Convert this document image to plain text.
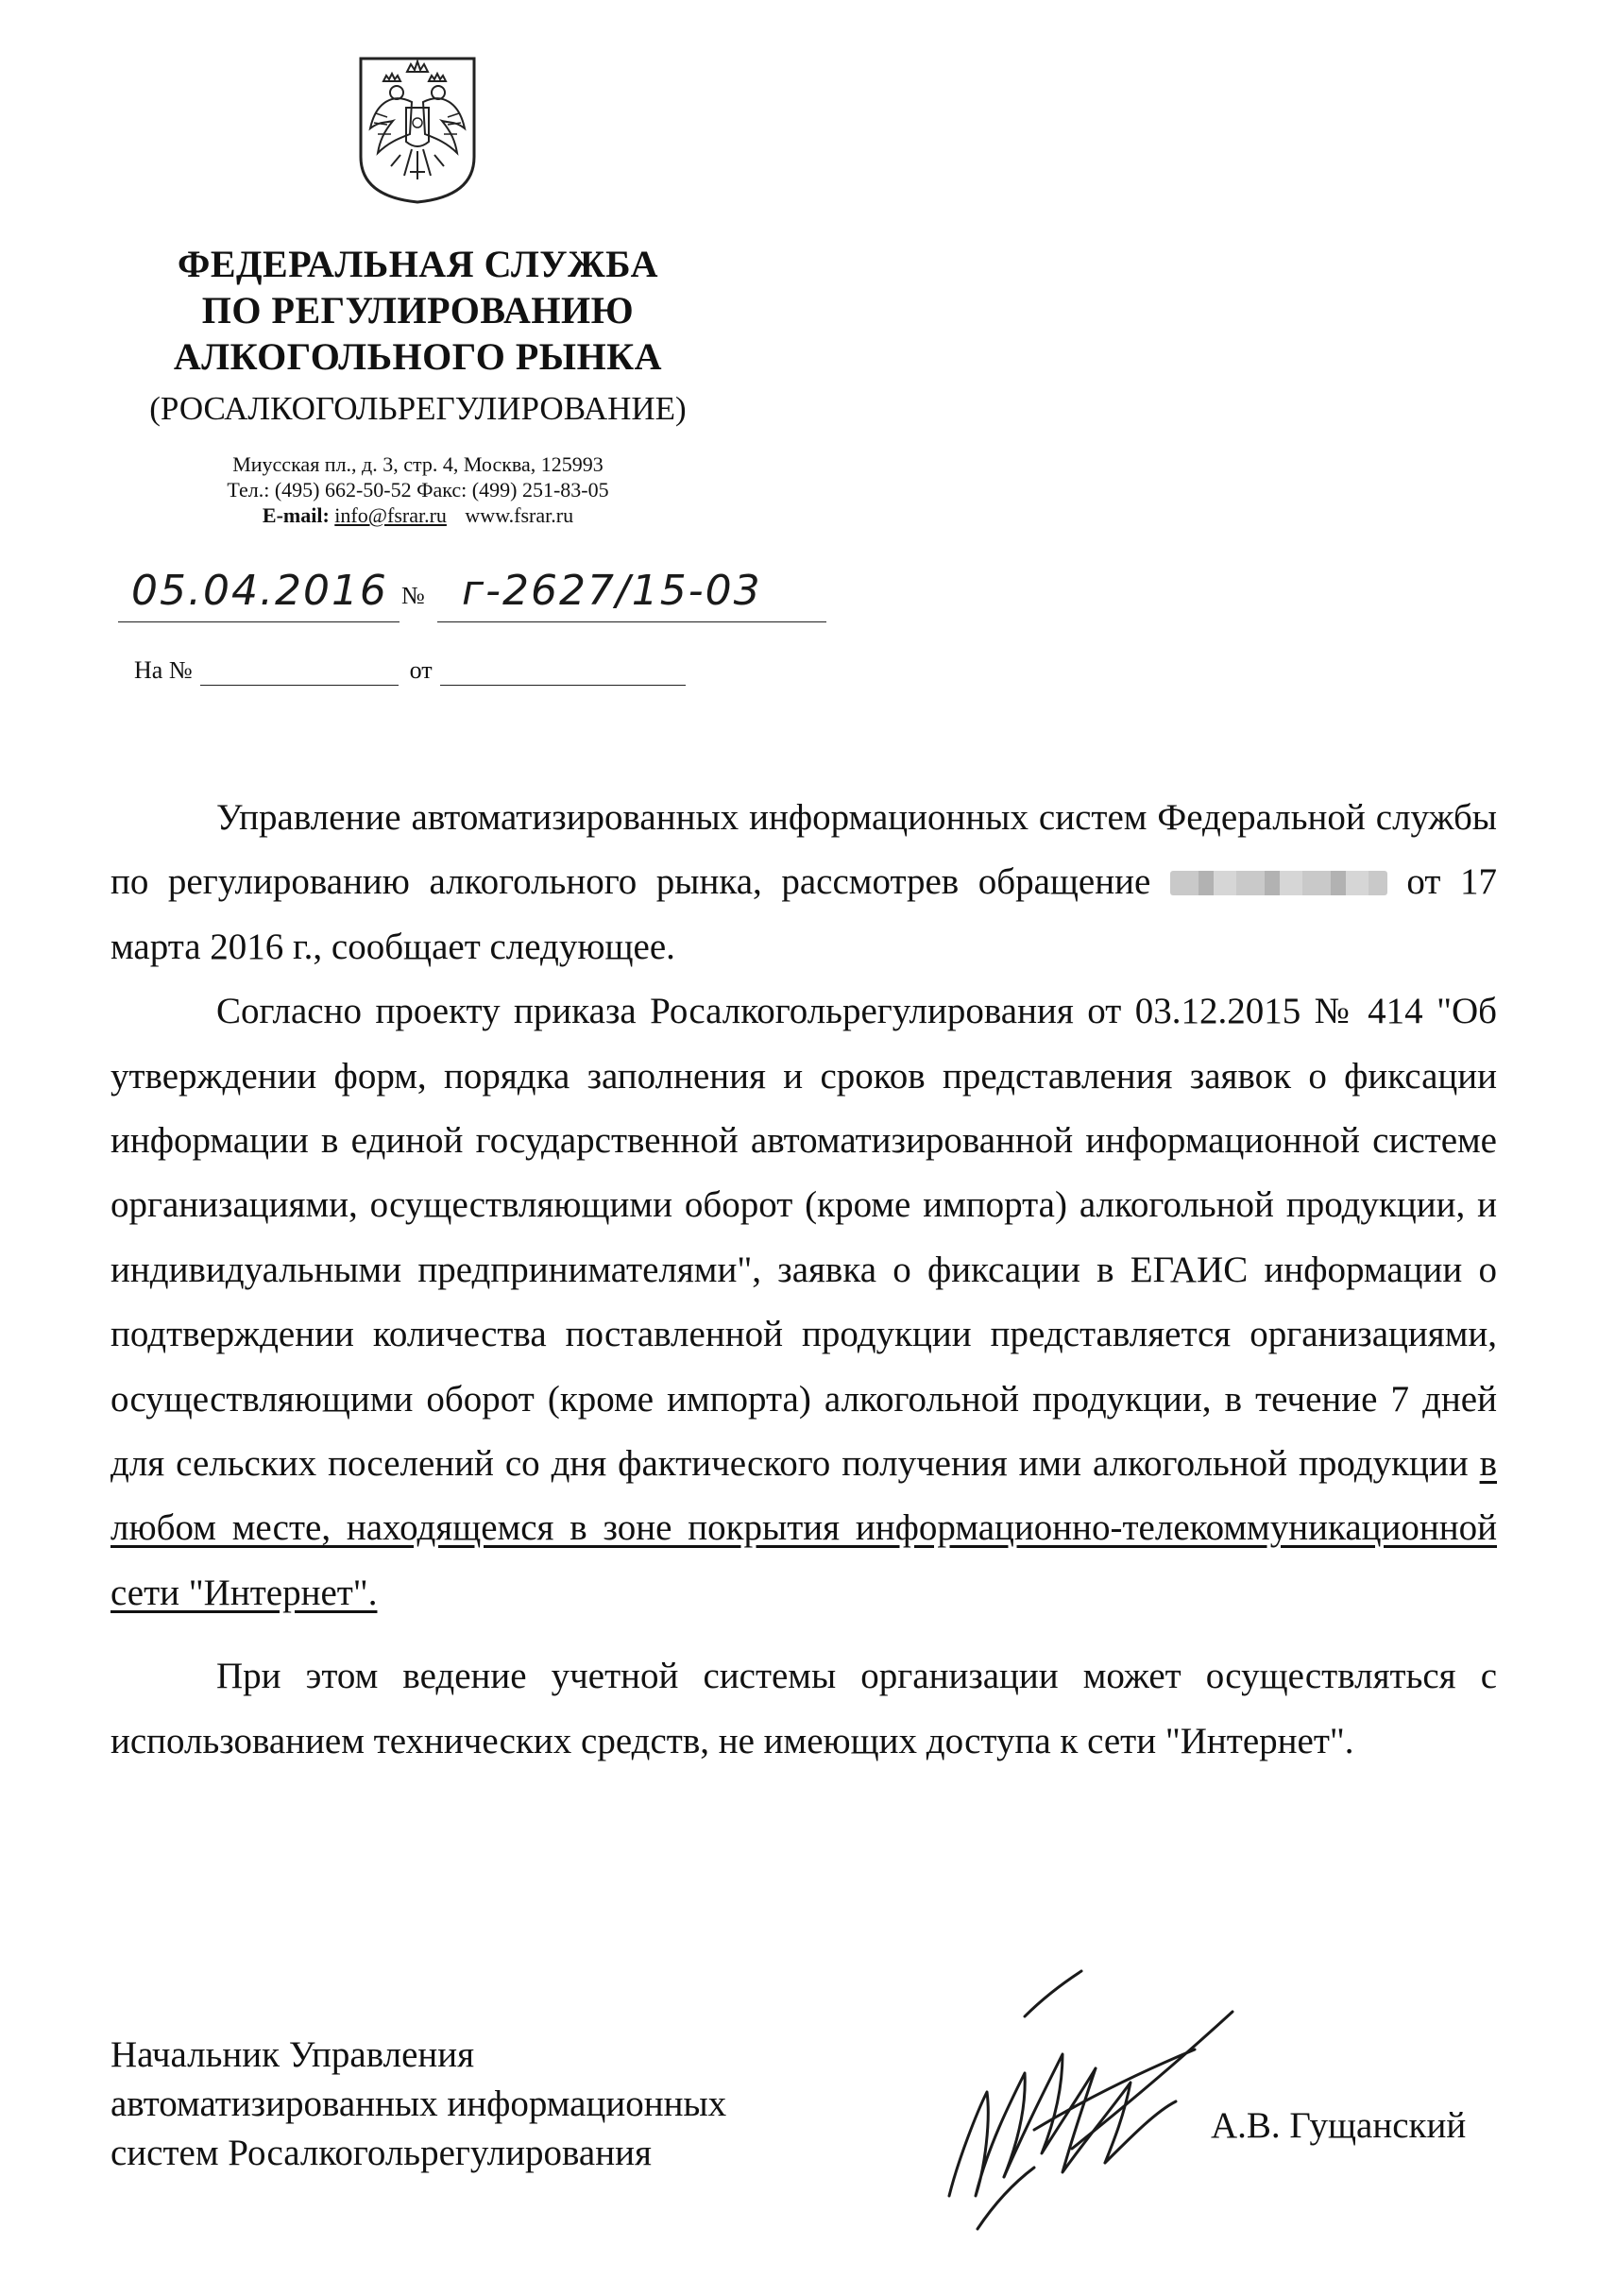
ФЕДЕРАЛЬНАЯ СЛУЖБА
ПО РЕГУЛИРОВАНИЮ
АЛКОГОЛЬНОГО РЫНКА
(РОСАЛКОГОЛЬРЕГУЛИРОВАНИЕ)
Миусская пл., д. 3, стр. 4, Москва, 125993
Тел.: (495) 662-50-52 Факс: (499) 251-83-05
E-mail: info@fsrar.ru www.fsrar.ru
05.04.2016 № г-2627/15-03
На №	от

Управление автоматизированных информационных систем Федеральной службы по регулированию алкогольного рынка, рассмотрев обращение	от 17 марта 2016 г., сообщает следующее.

Согласно проекту приказа Росалкогольрегулирования от 03.12.2015 № 414 "Об утверждении форм, порядка заполнения и сроков представления заявок о фиксации информации в единой государственной автоматизированной информационной системе организациями, осуществляющими оборот (кроме импорта) алкогольной продукции, и индивидуальными предпринимателями", заявка о фиксации в ЕГАИС информации о подтверждении количества поставленной продукции представляется организациями, осуществляющими оборот (кроме импорта) алкогольной продукции, в течение 7 дней для сельских поселений со дня фактического получения ими алкогольной продукции в любом месте, находящемся в зоне покрытия информационно-телекоммуникационной сети "Интернет".

При этом ведение учетной системы организации может осуществляться с использованием технических средств, не имеющих доступа к сети "Интернет".

Начальник Управления
автоматизированных информационных
систем Росалкогольрегулирования
А.В. Гущанский
